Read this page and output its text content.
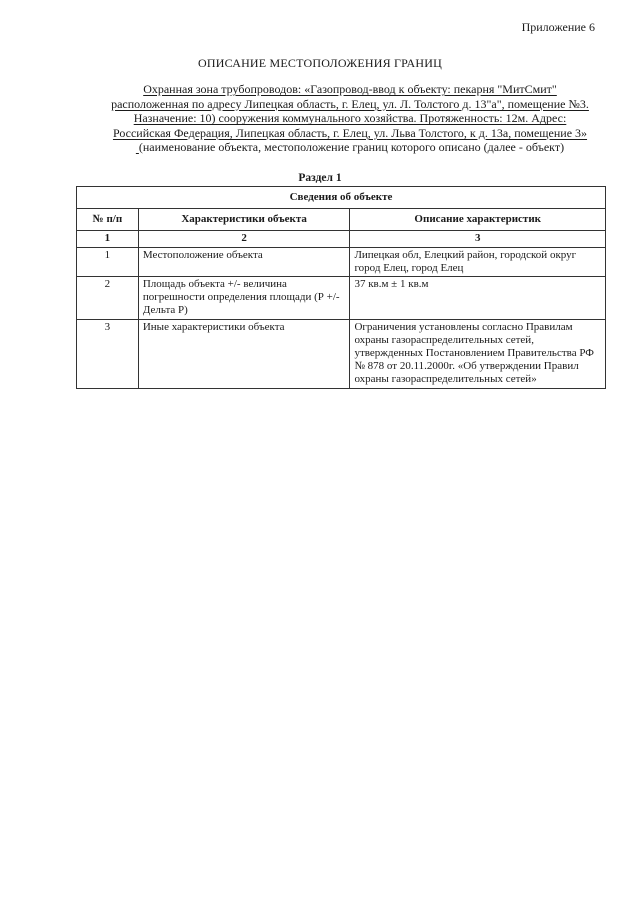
Приложение 6
ОПИСАНИЕ МЕСТОПОЛОЖЕНИЯ ГРАНИЦ
Охранная зона трубопроводов: «Газопровод-ввод к объекту: пекарня "МитСмит"
расположенная по адресу Липецкая область, г. Елец, ул. Л. Толстого д. 13"а", помещение №3.
Назначение: 10) сооружения коммунального хозяйства. Протяженность: 12м. Адрес:
Российская Федерация, Липецкая область, г. Елец, ул. Льва Толстого, к д. 13а, помещение 3»
(наименование объекта, местоположение границ которого описано (далее - объект)
Раздел 1
Сведения об объекте		
№ п/п	Характеристики объекта	Описание характеристик
1	2	3
1	Местоположение объекта	Липецкая обл, Елецкий район, городской округ город Елец, город Елец
2	Площадь объекта +/- величина погрешности определения площади (Р +/- Дельта Р)	37 кв.м ± 1 кв.м
3	Иные характеристики объекта	Ограничения установлены согласно Правилам охраны газораспределительных сетей, утвержденных Постановлением Правительства РФ № 878 от 20.11.2000г. «Об утверждении Правил охраны газораспределительных сетей»
